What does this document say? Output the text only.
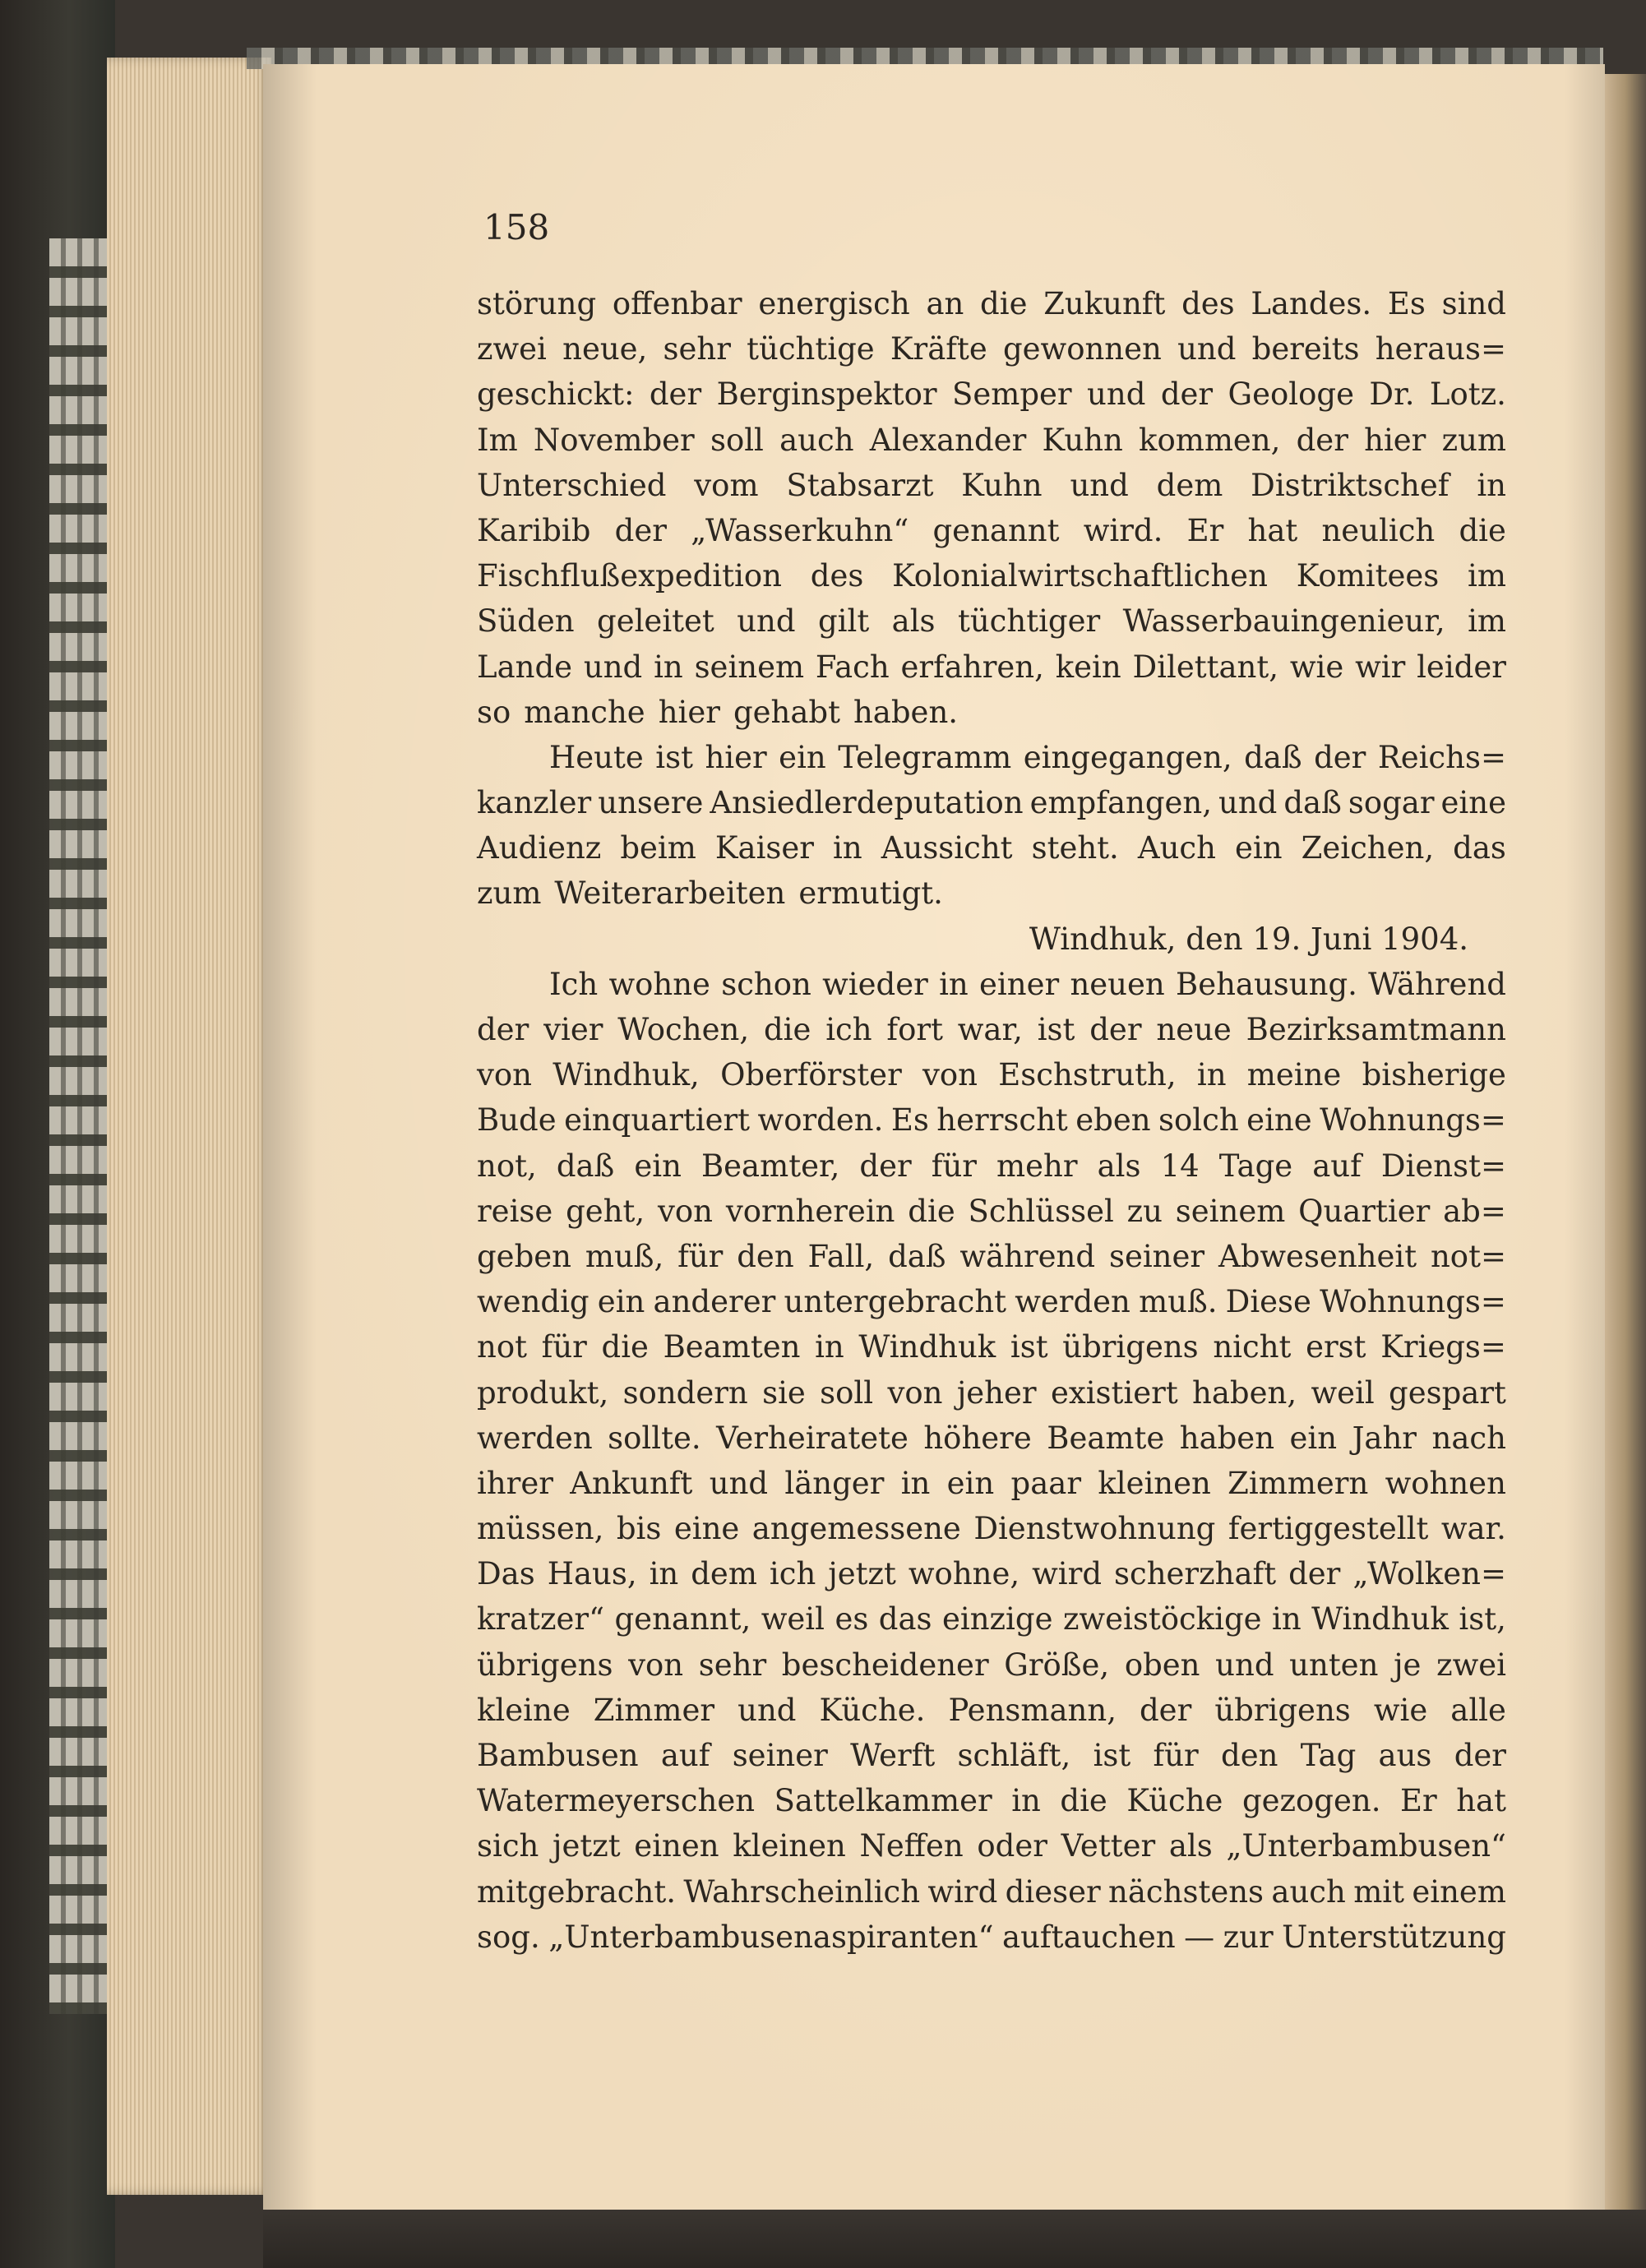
158
störung offenbar energisch an die Zukunft des Landes. Es sind
zwei neue, sehr tüchtige Kräfte gewonnen und bereits heraus=
geschickt: der Berginspektor Semper und der Geologe Dr. Lotz.
Im November soll auch Alexander Kuhn kommen, der hier zum
Unterschied vom Stabsarzt Kuhn und dem Distriktschef in
Karibib der „Wasserkuhn“ genannt wird. Er hat neulich die
Fischflußexpedition des Kolonialwirtschaftlichen Komitees im
Süden geleitet und gilt als tüchtiger Wasserbauingenieur, im
Lande und in seinem Fach erfahren, kein Dilettant, wie wir leider
so manche hier gehabt haben.
Heute ist hier ein Telegramm eingegangen, daß der Reichs=
kanzler unsere Ansiedlerdeputation empfangen, und daß sogar eine
Audienz beim Kaiser in Aussicht steht. Auch ein Zeichen, das
zum Weiterarbeiten ermutigt.
Windhuk, den 19. Juni 1904.
Ich wohne schon wieder in einer neuen Behausung. Während
der vier Wochen, die ich fort war, ist der neue Bezirksamtmann
von Windhuk, Oberförster von Eschstruth, in meine bisherige
Bude einquartiert worden. Es herrscht eben solch eine Wohnungs=
not, daß ein Beamter, der für mehr als 14 Tage auf Dienst=
reise geht, von vornherein die Schlüssel zu seinem Quartier ab=
geben muß, für den Fall, daß während seiner Abwesenheit not=
wendig ein anderer untergebracht werden muß. Diese Wohnungs=
not für die Beamten in Windhuk ist übrigens nicht erst Kriegs=
produkt, sondern sie soll von jeher existiert haben, weil gespart
werden sollte. Verheiratete höhere Beamte haben ein Jahr nach
ihrer Ankunft und länger in ein paar kleinen Zimmern wohnen
müssen, bis eine angemessene Dienstwohnung fertiggestellt war.
Das Haus, in dem ich jetzt wohne, wird scherzhaft der „Wolken=
kratzer“ genannt, weil es das einzige zweistöckige in Windhuk ist,
übrigens von sehr bescheidener Größe, oben und unten je zwei
kleine Zimmer und Küche. Pensmann, der übrigens wie alle
Bambusen auf seiner Werft schläft, ist für den Tag aus der
Watermeyerschen Sattelkammer in die Küche gezogen. Er hat
sich jetzt einen kleinen Neffen oder Vetter als „Unterbambusen“
mitgebracht. Wahrscheinlich wird dieser nächstens auch mit einem
sog. „Unterbambusenaspiranten“ auftauchen — zur Unterstützung
